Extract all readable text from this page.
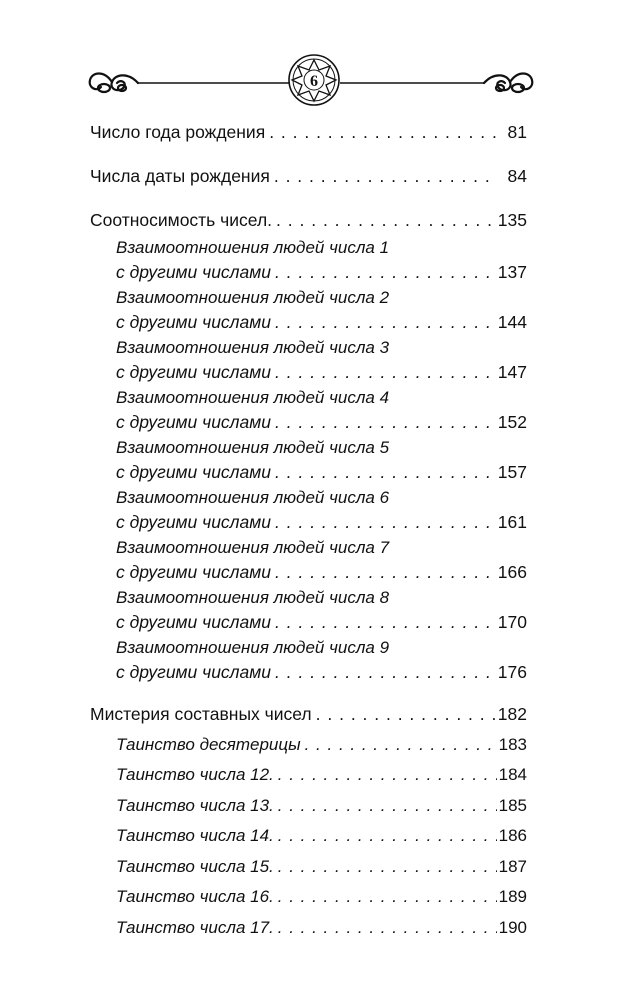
6
Число года рождения . . .	81
Числа даты рождения . . .	84
Соотносимость чисел. . . .	135
Взаимоотношения людей числа 1
с другими числами . . .	137
Взаимоотношения людей числа 2
с другими числами . . .	144
Взаимоотношения людей числа 3
с другими числами . . .	147
Взаимоотношения людей числа 4
с другими числами . . .	152
Взаимоотношения людей числа 5
с другими числами . . .	157
Взаимоотношения людей числа 6
с другими числами . . .	161
Взаимоотношения людей числа 7
с другими числами . . .	166
Взаимоотношения людей числа 8
с другими числами . . .	170
Взаимоотношения людей числа 9
с другими числами . . .	176
Мистерия составных чисел . . .	182
Таинство десятерицы . . .	183
Таинство числа 12. . . .	184
Таинство числа 13. . . .	185
Таинство числа 14. . . .	186
Таинство числа 15. . . .	187
Таинство числа 16. . . .	189
Таинство числа 17. . . .	190
